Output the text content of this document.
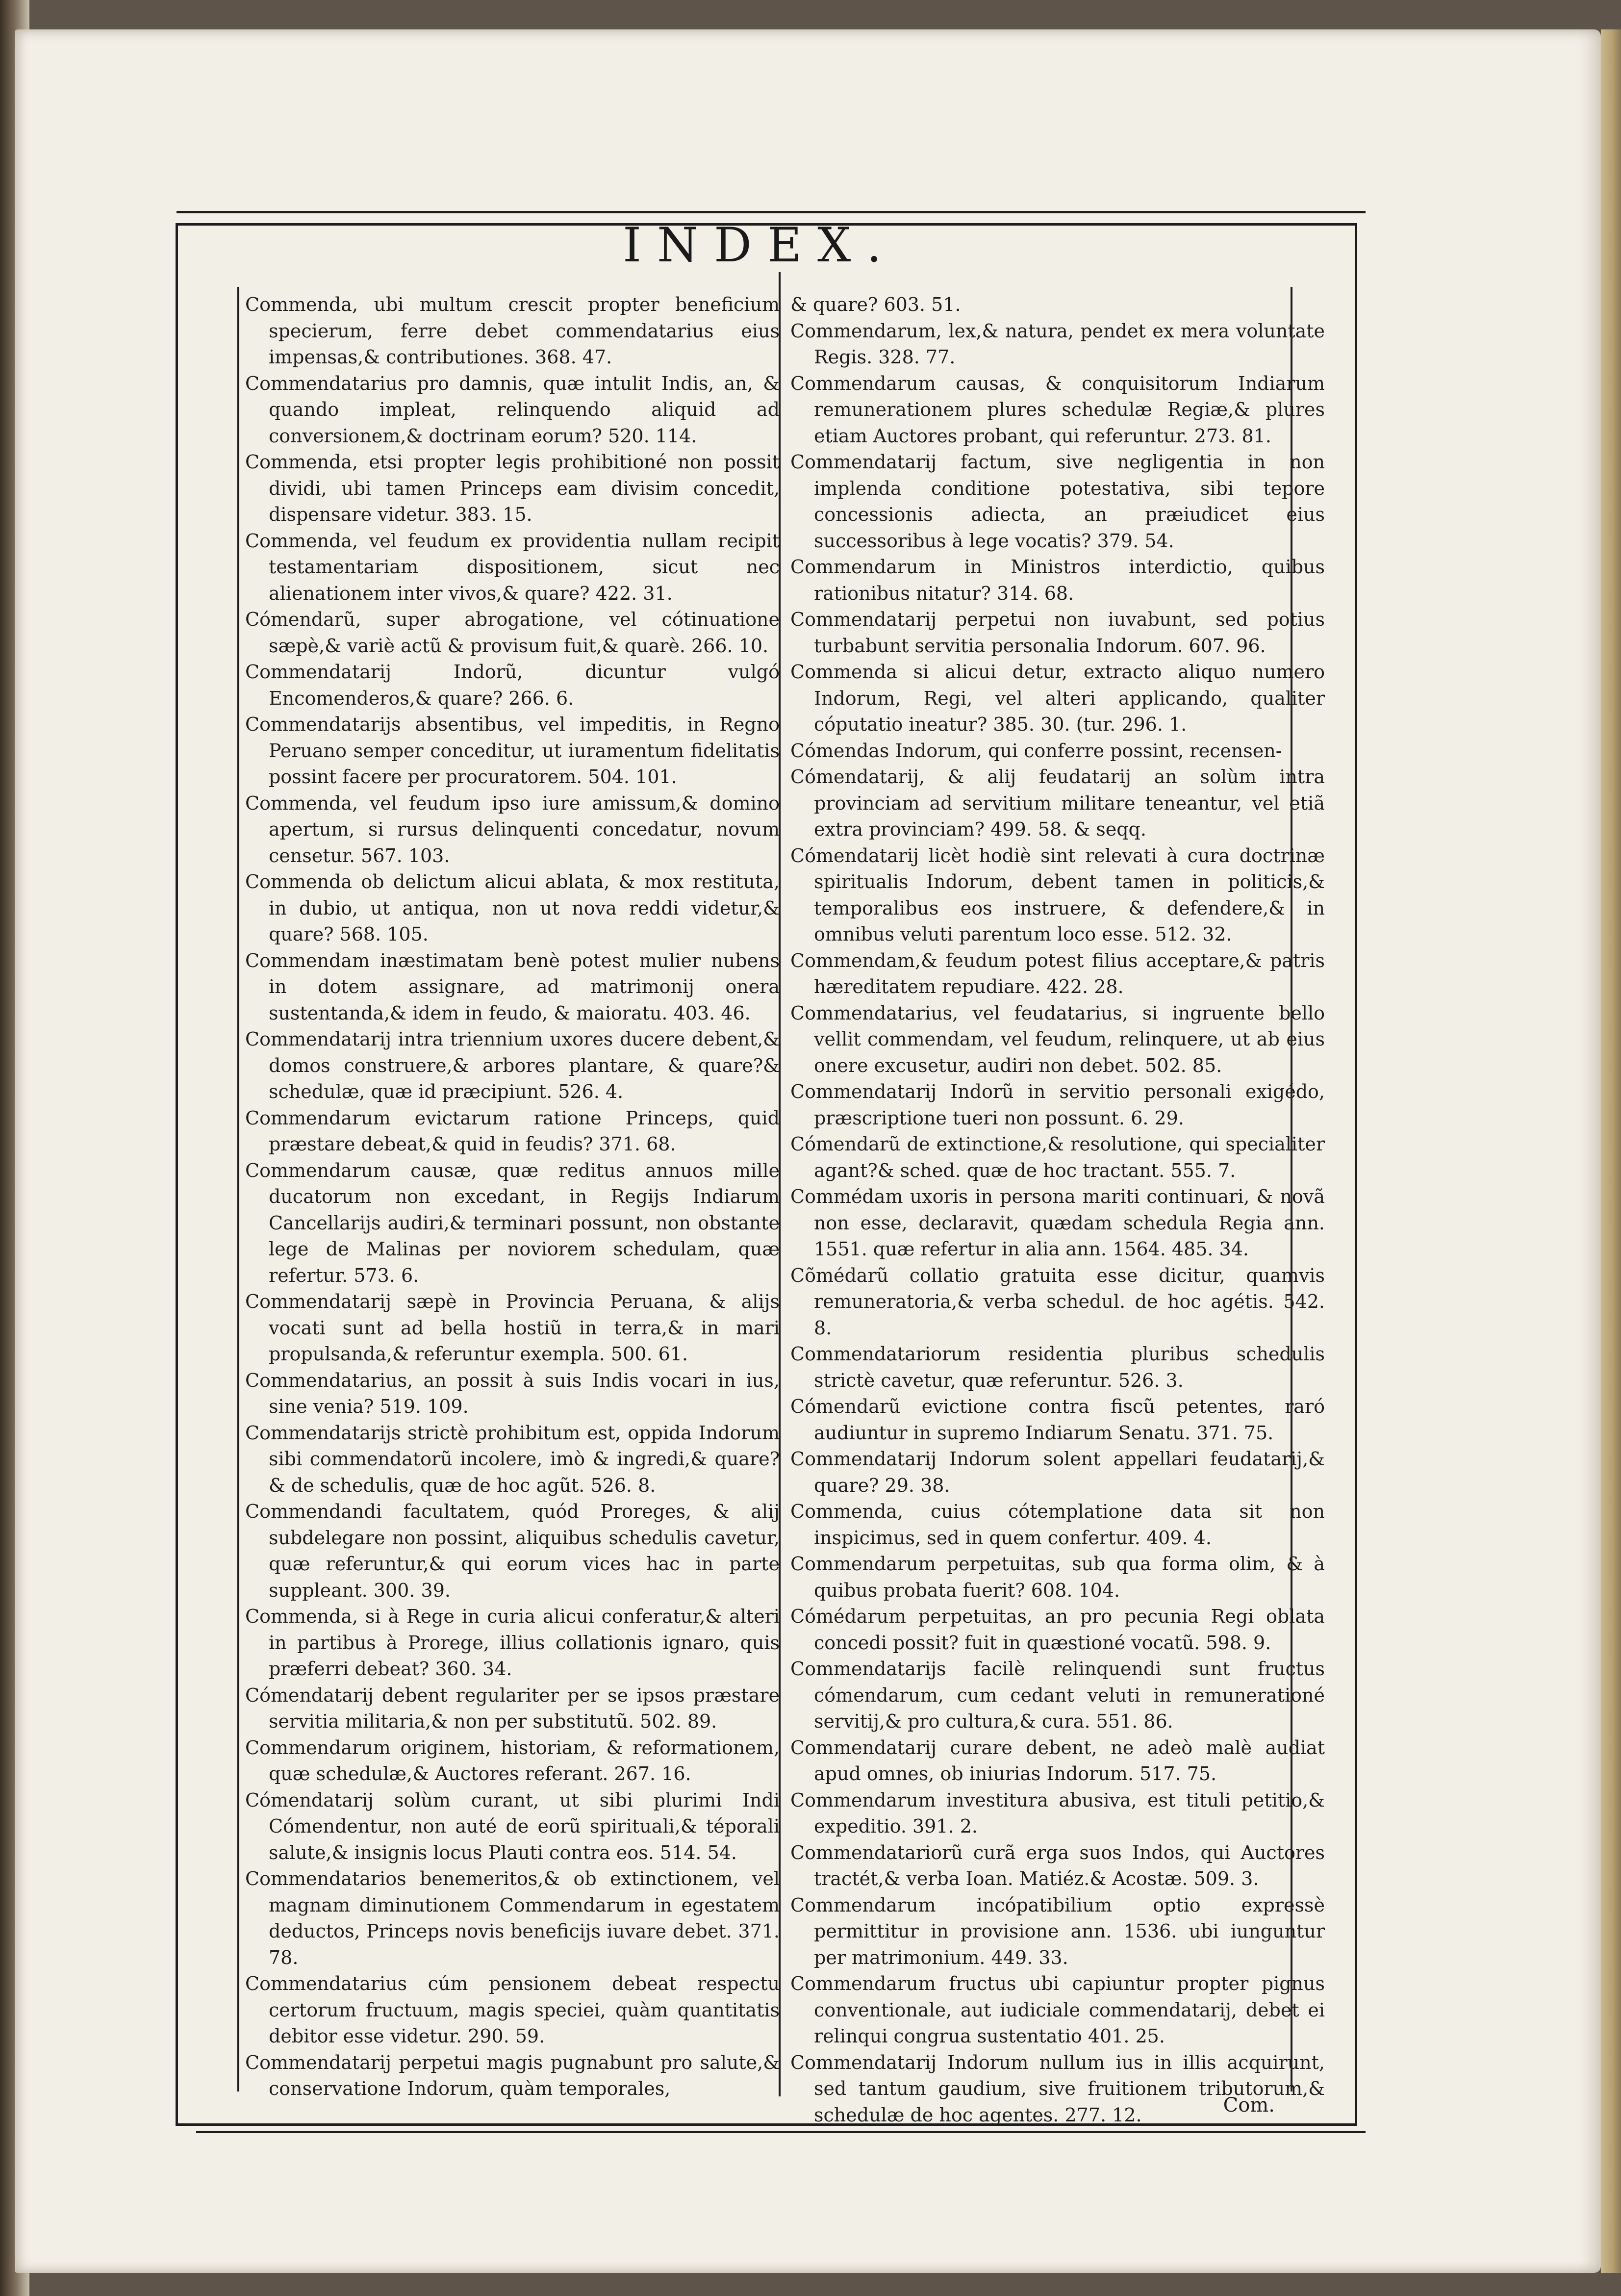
INDEX.

Commenda, ubi multum crescit propter beneficium specierum, ferre debet commendatarius eius impensas,& contributiones. 368. 47.

Commendatarius pro damnis, quæ intulit Indis, an, & quando impleat, relinquendo aliquid ad conversionem,& doctrinam eorum? 520. 114.

Commenda, etsi propter legis prohibitioné non possit dividi, ubi tamen Princeps eam divisim concedit, dispensare videtur. 383. 15.

Commenda, vel feudum ex providentia nullam recipit testamentariam dispositionem, sicut nec alienationem inter vivos,& quare? 422. 31.

Cómendarũ, super abrogatione, vel cótinuatione sæpè,& variè actũ & provisum fuit,& quarè. 266. 10.

Commendatarij Indorũ, dicuntur vulgó Encomenderos,& quare? 266. 6.

Commendatarijs absentibus, vel impeditis, in Regno Peruano semper conceditur, ut iuramentum fidelitatis possint facere per procuratorem. 504. 101.

Commenda, vel feudum ipso iure amissum,& domino apertum, si rursus delinquenti concedatur, novum censetur. 567. 103.

Commenda ob delictum alicui ablata, & mox restituta, in dubio, ut antiqua, non ut nova reddi videtur,& quare? 568. 105.

Commendam inæstimatam benè potest mulier nubens in dotem assignare, ad matrimonij onera sustentanda,& idem in feudo, & maioratu. 403. 46.

Commendatarij intra triennium uxores ducere debent,& domos construere,& arbores plantare, & quare?& schedulæ, quæ id præcipiunt. 526. 4.

Commendarum evictarum ratione Princeps, quid præstare debeat,& quid in feudis? 371. 68.

Commendarum causæ, quæ reditus annuos mille ducatorum non excedant, in Regijs Indiarum Cancellarijs audiri,& terminari possunt, non obstante lege de Malinas per noviorem schedulam, quæ refertur. 573. 6.

Commendatarij sæpè in Provincia Peruana, & alijs vocati sunt ad bella hostiũ in terra,& in mari propulsanda,& referuntur exempla. 500. 61.

Commendatarius, an possit à suis Indis vocari in ius, sine venia? 519. 109.

Commendatarijs strictè prohibitum est, oppida Indorum sibi commendatorũ incolere, imò & ingredi,& quare?& de schedulis, quæ de hoc agũt. 526. 8.

Commendandi facultatem, quód Proreges, & alij subdelegare non possint, aliquibus schedulis cavetur, quæ referuntur,& qui eorum vices hac in parte suppleant. 300. 39.

Commenda, si à Rege in curia alicui conferatur,& alteri in partibus à Prorege, illius collationis ignaro, quis præferri debeat? 360. 34.

Cómendatarij debent regulariter per se ipsos præstare servitia militaria,& non per substitutũ. 502. 89.

Commendarum originem, historiam, & reformationem, quæ schedulæ,& Auctores referant. 267. 16.

Cómendatarij solùm curant, ut sibi plurimi Indi Cómendentur, non auté de eorũ spirituali,& téporali salute,& insignis locus Plauti contra eos. 514. 54.

Commendatarios benemeritos,& ob extinctionem, vel magnam diminutionem Commendarum in egestatem deductos, Princeps novis beneficijs iuvare debet. 371. 78.

Commendatarius cúm pensionem debeat respectu certorum fructuum, magis speciei, quàm quantitatis debitor esse videtur. 290. 59.

Commendatarij perpetui magis pugnabunt pro salute,& conservatione Indorum, quàm temporales,

& quare? 603. 51.

Commendarum, lex,& natura, pendet ex mera voluntate Regis. 328. 77.

Commendarum causas, & conquisitorum Indiarum remunerationem plures schedulæ Regiæ,& plures etiam Auctores probant, qui referuntur. 273. 81.

Commendatarij factum, sive negligentia in non implenda conditione potestativa, sibi tepore concessionis adiecta, an præiudicet eius successoribus à lege vocatis? 379. 54.

Commendarum in Ministros interdictio, quibus rationibus nitatur? 314. 68.

Commendatarij perpetui non iuvabunt, sed potius turbabunt servitia personalia Indorum. 607. 96.

Commenda si alicui detur, extracto aliquo numero Indorum, Regi, vel alteri applicando, qualiter cóputatio ineatur? 385. 30. (tur. 296. 1.

Cómendas Indorum, qui conferre possint, recensen-

Cómendatarij, & alij feudatarij an solùm intra provinciam ad servitium militare teneantur, vel etiã extra provinciam? 499. 58. & seqq.

Cómendatarij licèt hodiè sint relevati à cura doctrinæ spiritualis Indorum, debent tamen in politicis,& temporalibus eos instruere, & defendere,& in omnibus veluti parentum loco esse. 512. 32.

Commendam,& feudum potest filius acceptare,& patris hæreditatem repudiare. 422. 28.

Commendatarius, vel feudatarius, si ingruente bello vellit commendam, vel feudum, relinquere, ut ab eius onere excusetur, audiri non debet. 502. 85.

Commendatarij Indorũ in servitio personali exigédo, præscriptione tueri non possunt. 6. 29.

Cómendarũ de extinctione,& resolutione, qui specialiter agant?& sched. quæ de hoc tractant. 555. 7.

Commédam uxoris in persona mariti continuari, & novã non esse, declaravit, quædam schedula Regia ann. 1551. quæ refertur in alia ann. 1564. 485. 34.

Cõmédarũ collatio gratuita esse dicitur, quamvis remuneratoria,& verba schedul. de hoc agétis. 542. 8.

Commendatariorum residentia pluribus schedulis strictè cavetur, quæ referuntur. 526. 3.

Cómendarũ evictione contra fiscũ petentes, raró audiuntur in supremo Indiarum Senatu. 371. 75.

Commendatarij Indorum solent appellari feudatarij,& quare? 29. 38.

Commenda, cuius cótemplatione data sit non inspicimus, sed in quem confertur. 409. 4.

Commendarum perpetuitas, sub qua forma olim, & à quibus probata fuerit? 608. 104.

Cómédarum perpetuitas, an pro pecunia Regi oblata concedi possit? fuit in quæstioné vocatũ. 598. 9.

Commendatarijs facilè relinquendi sunt fructus cómendarum, cum cedant veluti in remunerationé servitij,& pro cultura,& cura. 551. 86.

Commendatarij curare debent, ne adeò malè audiat apud omnes, ob iniurias Indorum. 517. 75.

Commendarum investitura abusiva, est tituli petitio,& expeditio. 391. 2.

Commendatariorũ curã erga suos Indos, qui Auctores tractét,& verba Ioan. Matiéz.& Acostæ. 509. 3.

Commendarum incópatibilium optio expressè permittitur in provisione ann. 1536. ubi iunguntur per matrimonium. 449. 33.

Commendarum fructus ubi capiuntur propter pignus conventionale, aut iudiciale commendatarij, debet ei relinqui congrua sustentatio 401. 25.

Commendatarij Indorum nullum ius in illis acquirunt, sed tantum gaudium, sive fruitionem tributorum,& schedulæ de hoc agentes. 277. 12.	Com.
